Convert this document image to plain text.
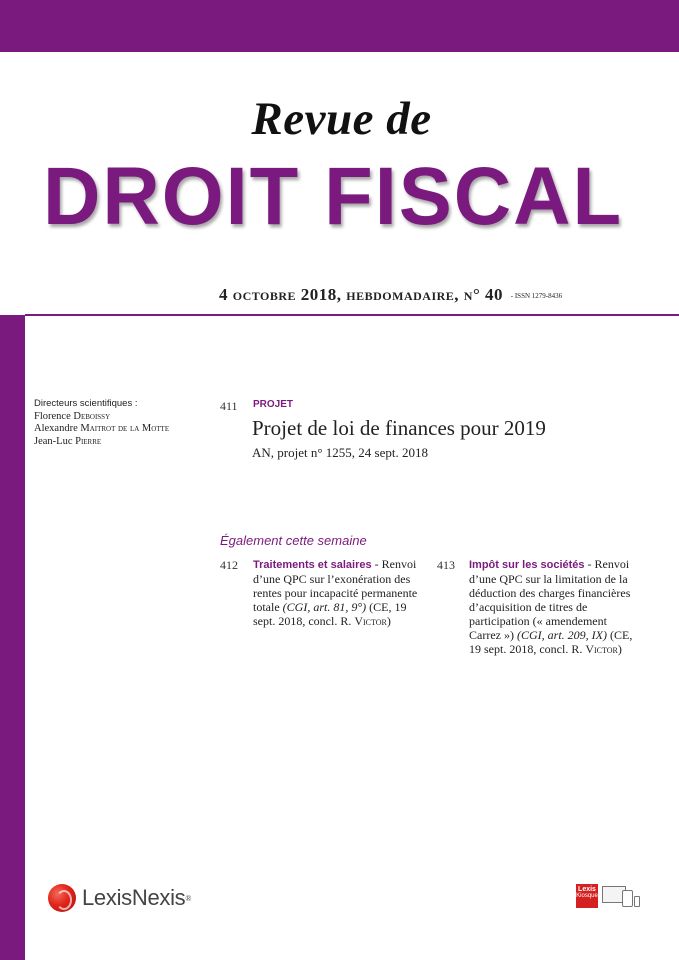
Revue de
DROIT FISCAL
4 octobre 2018, hebdomadaire, n° 40 - ISSN 1279-8436
Directeurs scientifiques :
Florence Deboissy
Alexandre Maitrot de la Motte
Jean-Luc Pierre
411 PROJET
Projet de loi de finances pour 2019
AN, projet n° 1255, 24 sept. 2018
Également cette semaine
412 Traitements et salaires - Renvoi d’une QPC sur l’exonération des rentes pour incapacité permanente totale (CGI, art. 81, 9°) (CE, 19 sept. 2018, concl. R. Victor)
413 Impôt sur les sociétés - Renvoi d’une QPC sur la limitation de la déduction des charges financières d’acquisition de titres de participation (« amendement Carrez ») (CGI, art. 209, IX) (CE, 19 sept. 2018, concl. R. Victor)
LexisNexis ®
Lexis
Kiosque
